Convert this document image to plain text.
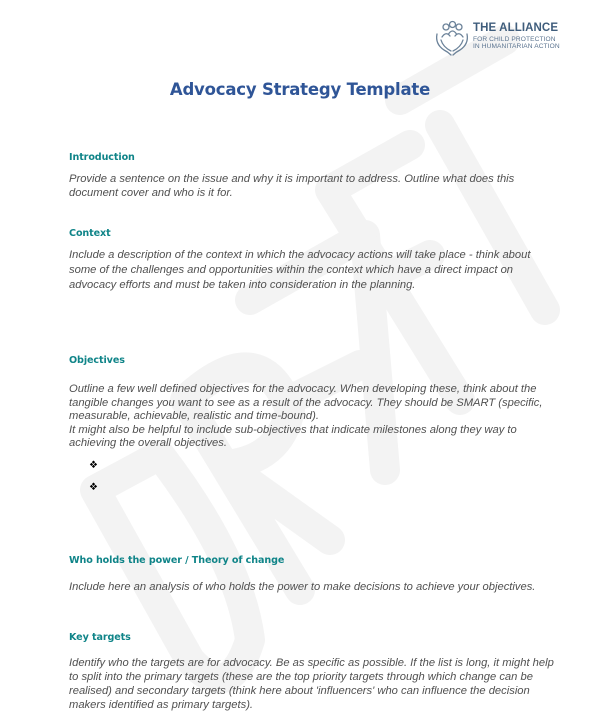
THE ALLIANCE
FOR CHILD PROTECTION
IN HUMANITARIAN ACTION
Advocacy Strategy Template
Introduction
Provide a sentence on the issue and why it is important to address. Outline what does this
document cover and who is it for.
Context
Include a description of the context in which the advocacy actions will take place - think about
some of the challenges and opportunities within the context which have a direct impact on
advocacy efforts and must be taken into consideration in the planning.
Objectives
Outline a few well defined objectives for the advocacy. When developing these, think about the
tangible changes you want to see as a result of the advocacy. They should be SMART (specific,
measurable, achievable, realistic and time-bound).
It might also be helpful to include sub-objectives that indicate milestones along they way to
achieving the overall objectives.
❖
❖
Who holds the power / Theory of change
Include here an analysis of who holds the power to make decisions to achieve your objectives.
Key targets
Identify who the targets are for advocacy. Be as specific as possible. If the list is long, it might help
to split into the primary targets (these are the top priority targets through which change can be
realised) and secondary targets (think here about 'influencers' who can influence the decision
makers identified as primary targets).
